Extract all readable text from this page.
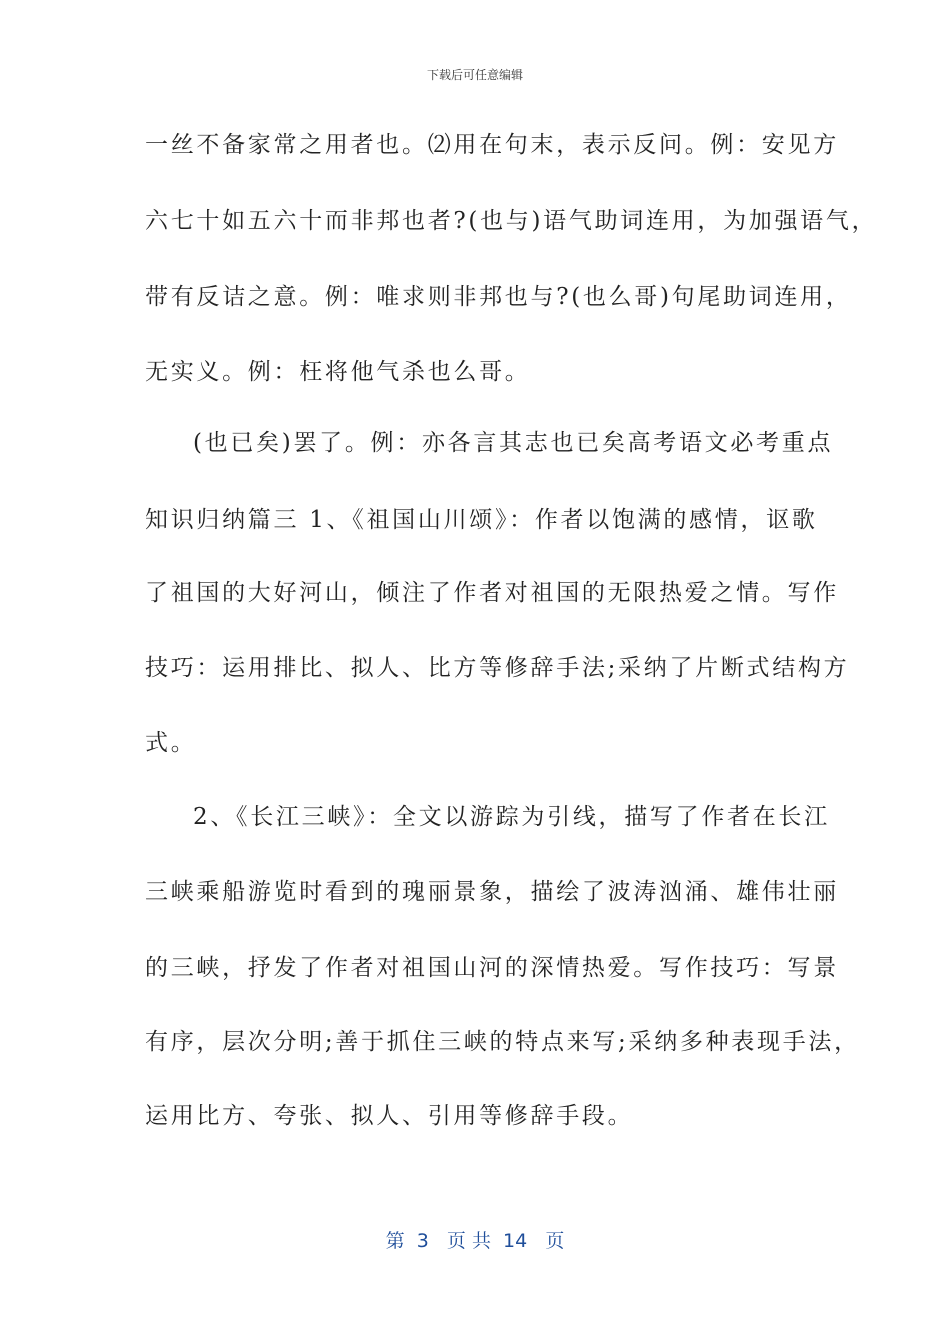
下载后可任意编辑
一丝不备家常之用者也。⑵用在句末，表示反问。例：安见方
六七十如五六十而非邦也者?(也与)语气助词连用，为加强语气，
带有反诘之意。例：唯求则非邦也与?(也么哥)句尾助词连用，
无实义。例：枉将他气杀也么哥。
(也已矣)罢了。例：亦各言其志也已矣高考语文必考重点
知识归纳篇三 1、《祖国山川颂》：作者以饱满的感情，讴歌
了祖国的大好河山，倾注了作者对祖国的无限热爱之情。写作
技巧：运用排比、拟人、比方等修辞手法;采纳了片断式结构方
式。
2、《长江三峡》：全文以游踪为引线，描写了作者在长江
三峡乘船游览时看到的瑰丽景象，描绘了波涛汹涌、雄伟壮丽
的三峡，抒发了作者对祖国山河的深情热爱。写作技巧：写景
有序，层次分明;善于抓住三峡的特点来写;采纳多种表现手法，
运用比方、夸张、拟人、引用等修辞手段。
第  3   页 共  14   页
